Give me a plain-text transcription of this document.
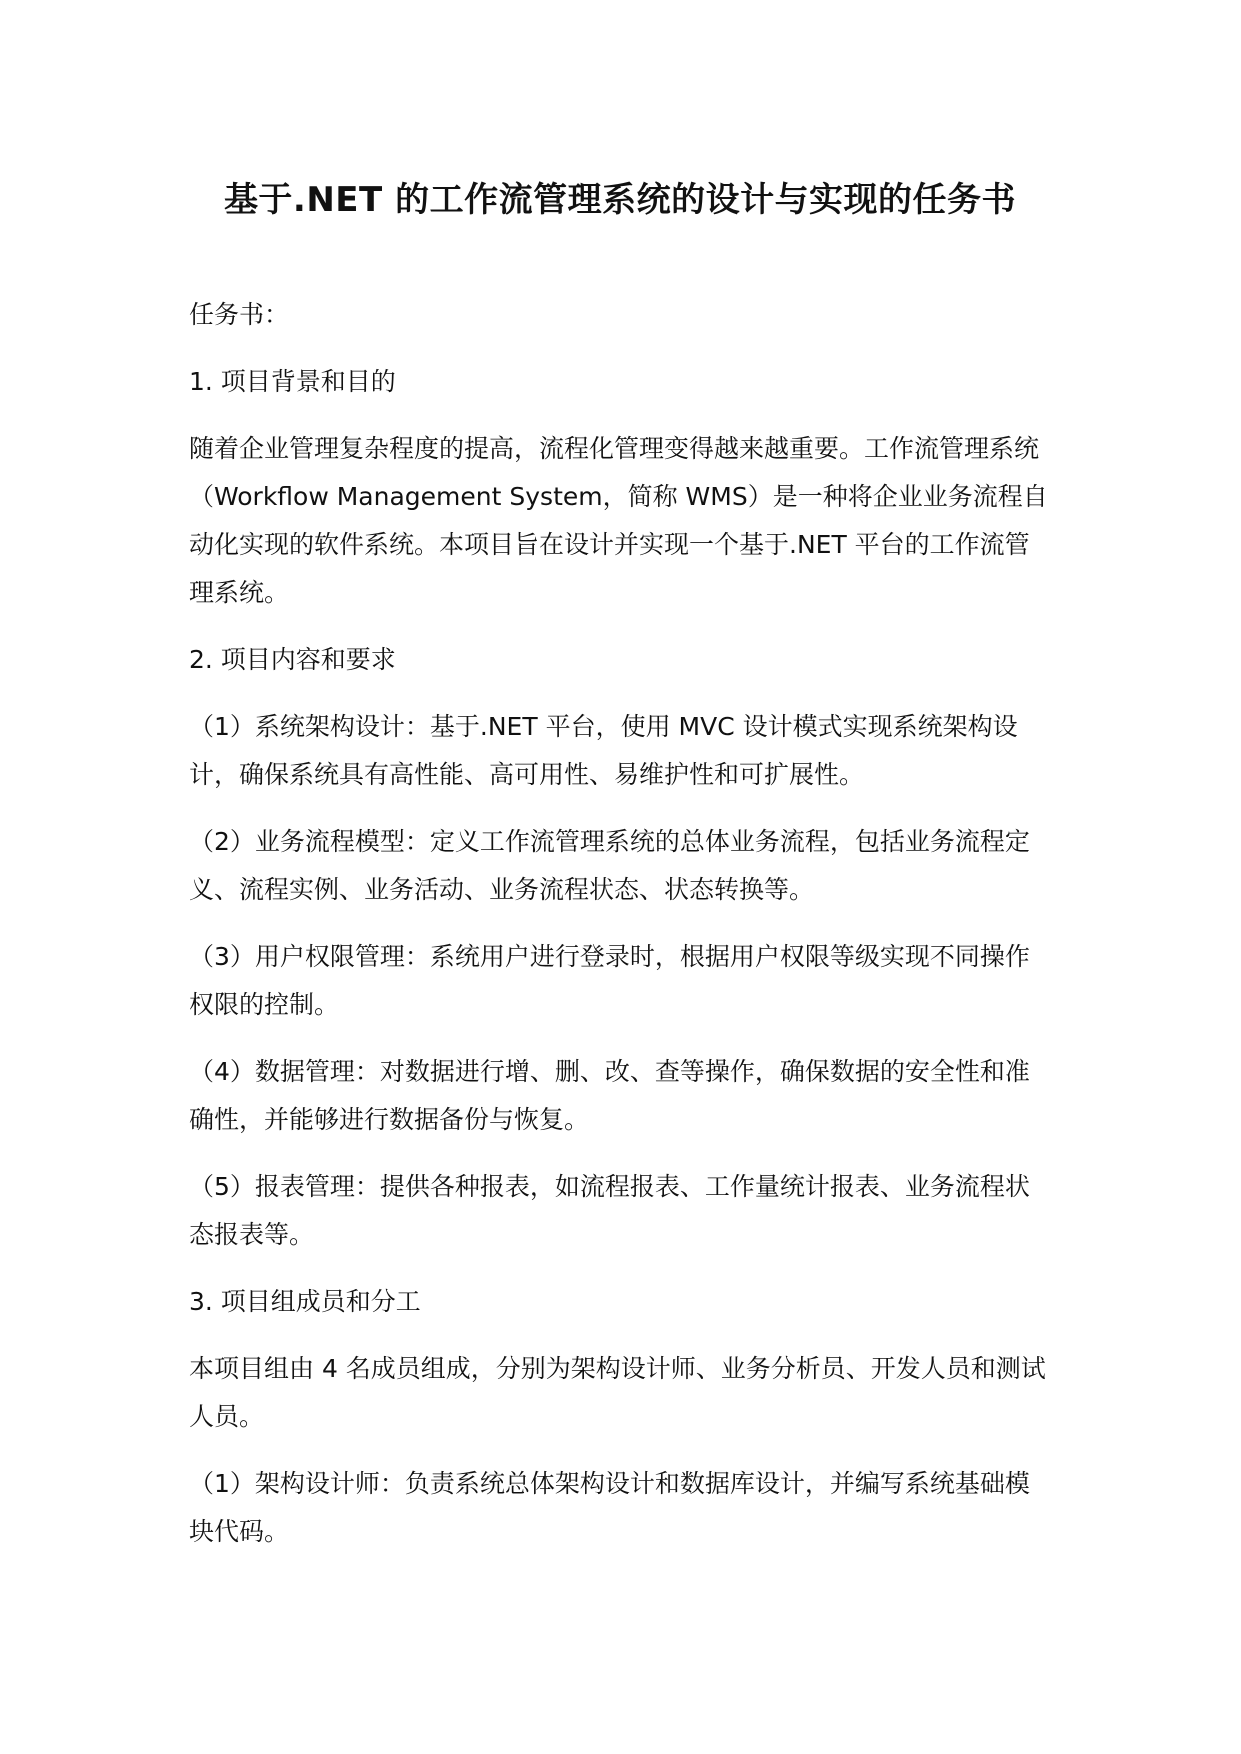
基于.NET 的工作流管理系统的设计与实现的任务书

任务书：

1. 项目背景和目的

随着企业管理复杂程度的提高，流程化管理变得越来越重要。工作流管理系统（Workflow Management System，简称 WMS）是一种将企业业务流程自动化实现的软件系统。本项目旨在设计并实现一个基于.NET 平台的工作流管理系统。

2. 项目内容和要求

（1）系统架构设计：基于.NET 平台，使用 MVC 设计模式实现系统架构设计，确保系统具有高性能、高可用性、易维护性和可扩展性。

（2）业务流程模型：定义工作流管理系统的总体业务流程，包括业务流程定义、流程实例、业务活动、业务流程状态、状态转换等。

（3）用户权限管理：系统用户进行登录时，根据用户权限等级实现不同操作权限的控制。

（4）数据管理：对数据进行增、删、改、查等操作，确保数据的安全性和准确性，并能够进行数据备份与恢复。

（5）报表管理：提供各种报表，如流程报表、工作量统计报表、业务流程状态报表等。

3. 项目组成员和分工

本项目组由 4 名成员组成，分别为架构设计师、业务分析员、开发人员和测试人员。

（1）架构设计师：负责系统总体架构设计和数据库设计，并编写系统基础模块代码。
